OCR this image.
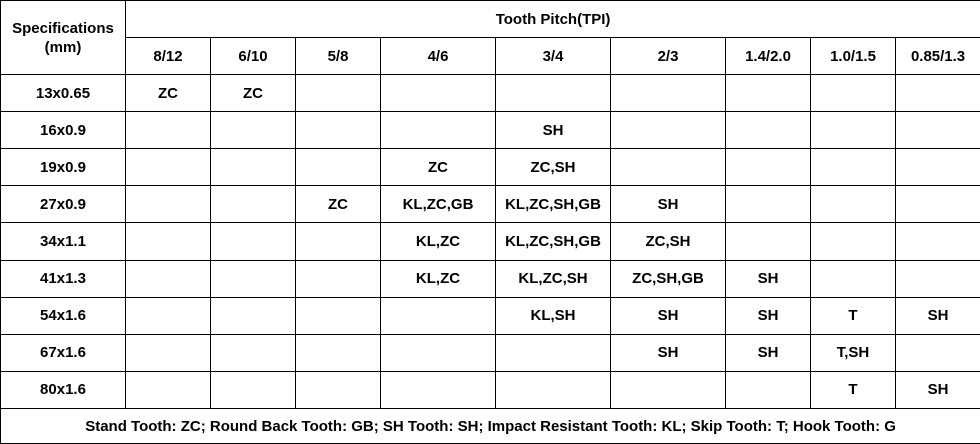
Specifications
(mm)	Tooth Pitch(TPI)								
	8/12	6/10	5/8	4/6	3/4	2/3	1.4/2.0	1.0/1.5	0.85/1.3
13x0.65	ZC	ZC							
16x0.9					SH				
19x0.9				ZC	ZC,SH				
27x0.9			ZC	KL,ZC,GB	KL,ZC,SH,GB	SH			
34x1.1				KL,ZC	KL,ZC,SH,GB	ZC,SH			
41x1.3				KL,ZC	KL,ZC,SH	ZC,SH,GB	SH		
54x1.6					KL,SH	SH	SH	T	SH
67x1.6						SH	SH	T,SH	
80x1.6								T	SH
Stand Tooth: ZC; Round Back Tooth: GB; SH Tooth: SH; Impact Resistant Tooth: KL; Skip Tooth: T; Hook Tooth: G									
